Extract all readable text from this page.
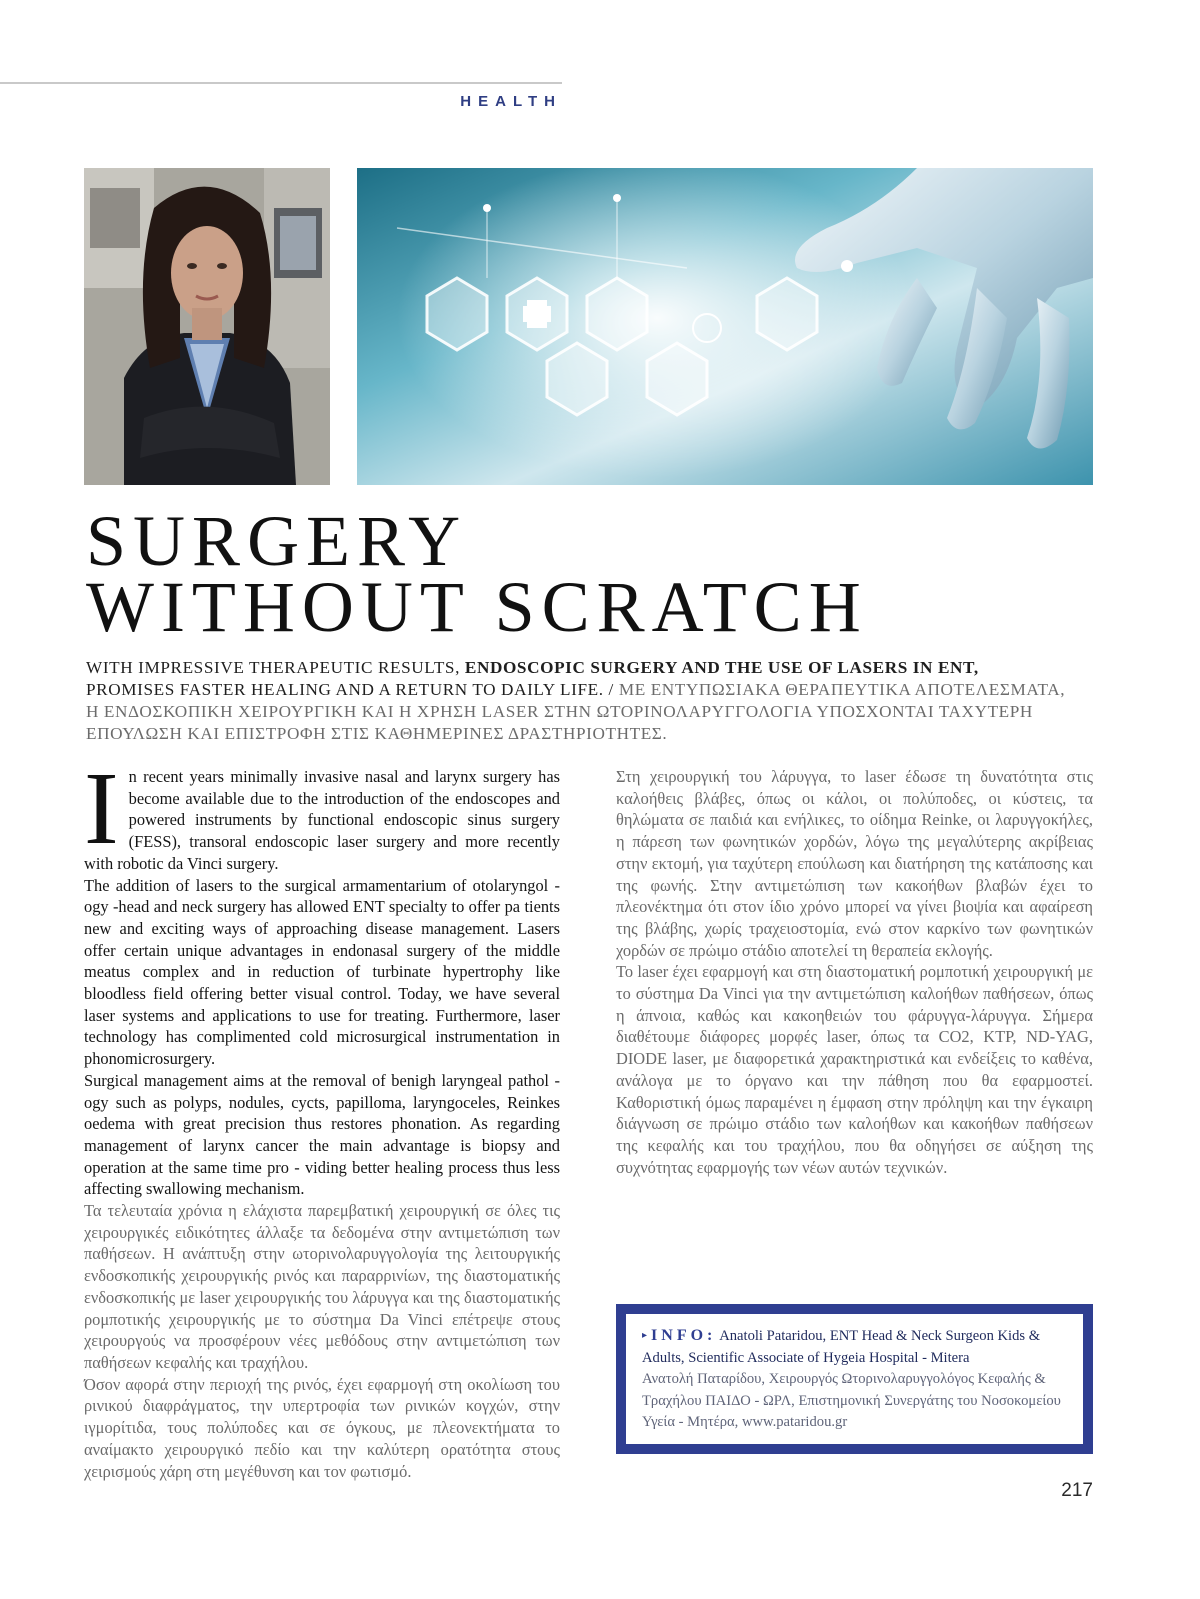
HEALTH
SURGERY
WITHOUT SCRATCH
WITH IMPRESSIVE THERAPEUTIC RESULTS, ENDOSCOPIC SURGERY AND THE USE OF LASERS IN ENT, PROMISES FASTER HEALING AND A RETURN TO DAILY LIFE. / ΜΕ ΕΝΤΥΠΩΣΙΑΚΑ ΘΕΡΑΠΕΥΤΙΚΑ ΑΠΟΤΕΛΕΣΜΑΤΑ, Η ΕΝΔΟΣΚΟΠΙΚΗ ΧΕΙΡΟΥΡΓΙΚΗ ΚΑΙ Η ΧΡΗΣΗ LASER ΣΤΗΝ ΩΤΟΡΙΝΟΛΑΡΥΓΓΟΛΟΓΙΑ ΥΠΟΣΧΟΝΤΑΙ ΤΑΧΥΤΕΡΗ ΕΠΟΥΛΩΣΗ ΚΑΙ ΕΠΙΣΤΡΟΦΗ ΣΤΙΣ ΚΑΘΗΜΕΡΙΝΕΣ ΔΡΑΣΤΗΡΙΟΤΗΤΕΣ.

In recent years minimally invasive nasal and larynx surgery has become available due to the introduction of the endoscopes and powered instruments by functional endoscopic sinus surgery (FESS), transoral endoscopic laser surgery and more recently with robotic da Vinci surgery.

The addition of lasers to the surgical armamentarium of otolaryngol - ogy -head and neck surgery has allowed ENT specialty to offer pa tients new and exciting ways of approaching disease management. Lasers offer certain unique advantages in endonasal surgery of the middle meatus complex and in reduction of turbinate hypertrophy like bloodless field offering better visual control. Today, we have several laser systems and applications to use for treating. Furthermore, laser technology has complimented cold microsurgical instrumentation in phonomicrosurgery.

Surgical management aims at the removal of benigh laryngeal pathol - ogy such as polyps, nodules, cycts, papilloma, laryngoceles, Reinkes oedema with great precision thus restores phonation. As regarding management of larynx cancer the main advantage is biopsy and operation at the same time pro - viding better healing process thus less affecting swallowing mechanism.

Τα τελευταία χρόνια η ελάχιστα παρεμβατική χειρουργική σε όλες τις χειρουργικές ειδικότητες άλλαξε τα δεδομένα στην αντιμετώπιση των παθήσεων. Η ανάπτυξη στην ωτορινολαρυγγολογία της λειτουργικής ενδοσκοπικής χειρουργικής ρινός και παραρρινίων, της διαστοματικής ενδοσκοπικής με laser χειρουργικής του λάρυγγα και της διαστοματικής ρομποτικής χειρουργικής με το σύστημα Da Vinci επέτρεψε στους χειρουργούς να προσφέρουν νέες μεθόδους στην αντιμετώπιση των παθήσεων κεφαλής και τραχήλου.

Όσον αφορά στην περιοχή της ρινός, έχει εφαρμογή στη οκολίωση του ρινικού διαφράγματος, την υπερτροφία των ρινικών κογχών, στην ιγμορίτιδα, τους πολύποδες και σε όγκους, με πλεονεκτήματα το αναίμακτο χειρουργικό πεδίο και την καλύτερη ορατότητα στους χειρισμούς χάρη στη μεγέθυνση και τον φωτισμό.

Στη χειρουργική του λάρυγγα, το laser έδωσε τη δυνατότητα στις καλοήθεις βλάβες, όπως οι κάλοι, οι πολύποδες, οι κύστεις, τα θηλώματα σε παιδιά και ενήλικες, το οίδημα Reinke, οι λαρυγγοκήλες, η πάρεση των φωνητικών χορδών, λόγω της μεγαλύτερης ακρίβειας στην εκτομή, για ταχύτερη επούλωση και διατήρηση της κατάποσης και της φωνής. Στην αντιμετώπιση των κακοήθων βλαβών έχει το πλεονέκτημα ότι στον ίδιο χρόνο μπορεί να γίνει βιοψία και αφαίρεση της βλάβης, χωρίς τραχειοστομία, ενώ στον καρκίνο των φωνητικών χορδών σε πρώιμο στάδιο αποτελεί τη θεραπεία εκλογής.

Το laser έχει εφαρμογή και στη διαστοματική ρομποτική χειρουργική με το σύστημα Da Vinci για την αντιμετώπιση καλοήθων παθήσεων, όπως η άπνοια, καθώς και κακοηθειών του φάρυγγα-λάρυγγα. Σήμερα διαθέτουμε διάφορες μορφές laser, όπως τα CO2, KTP, ND-YAG, DIODE laser, με διαφορετικά χαρακτηριστικά και ενδείξεις το καθένα, ανάλογα με το όργανο και την πάθηση που θα εφαρμοστεί. Καθοριστική όμως παραμένει η έμφαση στην πρόληψη και την έγκαιρη διάγνωση σε πρώιμο στάδιο των καλοήθων και κακοήθων παθήσεων της κεφαλής και του τραχήλου, που θα οδηγήσει σε αύξηση της συχνότητας εφαρμογής των νέων αυτών τεχνικών.

▸ INFO: Anatoli Pataridou, ENT Head & Neck Surgeon Kids & Adults, Scientific Associate of Hygeia Hospital - Mitera

Ανατολή Παταρίδου, Χειρουργός Ωτορινολαρυγγολόγος Κεφαλής & Τραχήλου ΠΑΙΔΟ - ΩΡΛ, Επιστημονική Συνεργάτης του Νοσοκομείου Υγεία - Μητέρα, www.pataridou.gr

217
